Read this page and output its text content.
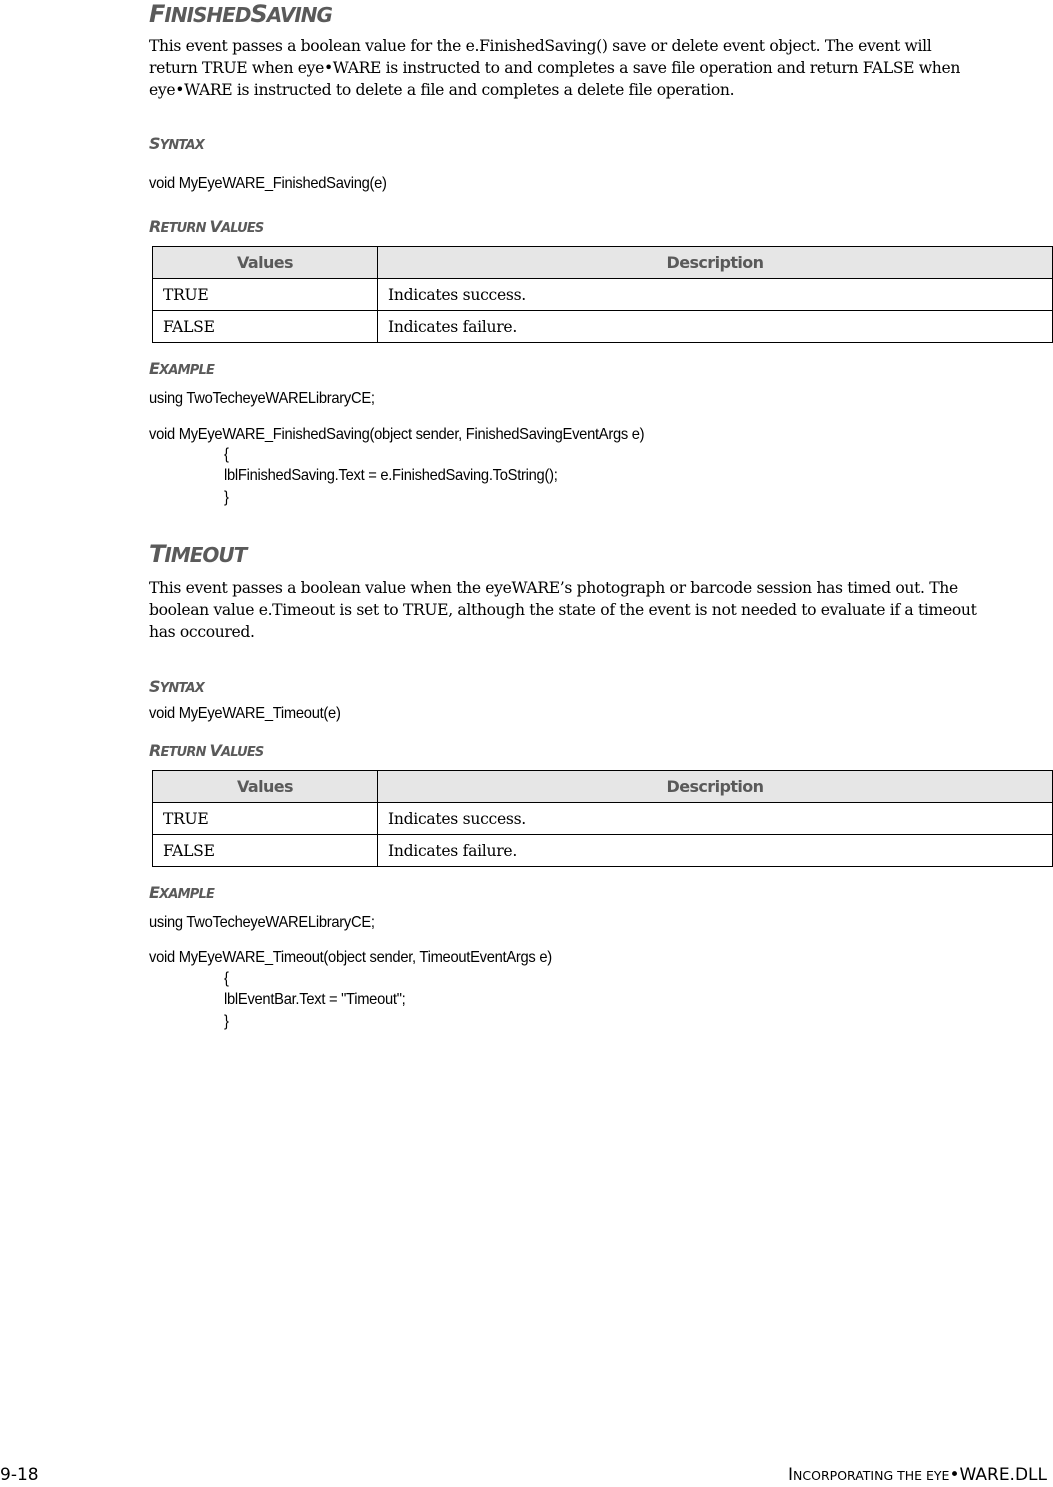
FINISHEDSAVING
This event passes a boolean value for the e.FinishedSaving() save or delete event object. The event will
return TRUE when eye•WARE is instructed to and completes a save file operation and return FALSE when
eye•WARE is instructed to delete a file and completes a delete file operation.
SYNTAX
void MyEyeWARE_FinishedSaving(e)
RETURN VALUES
Values	Description
TRUE	Indicates success.
FALSE	Indicates failure.
EXAMPLE
using TwoTecheyeWARELibraryCE;
void MyEyeWARE_FinishedSaving(object sender, FinishedSavingEventArgs e)
{
lblFinishedSaving.Text = e.FinishedSaving.ToString();
}
TIMEOUT
This event passes a boolean value when the eyeWARE’s photograph or barcode session has timed out. The
boolean value e.Timeout is set to TRUE, although the state of the event is not needed to evaluate if a timeout
has occoured.
SYNTAX
void MyEyeWARE_Timeout(e)
RETURN VALUES
Values	Description
TRUE	Indicates success.
FALSE	Indicates failure.
EXAMPLE
using TwoTecheyeWARELibraryCE;
void MyEyeWARE_Timeout(object sender, TimeoutEventArgs e)
{
lblEventBar.Text = "Timeout";
}
9-18	INCORPORATING THE EYE•WARE.DLL
